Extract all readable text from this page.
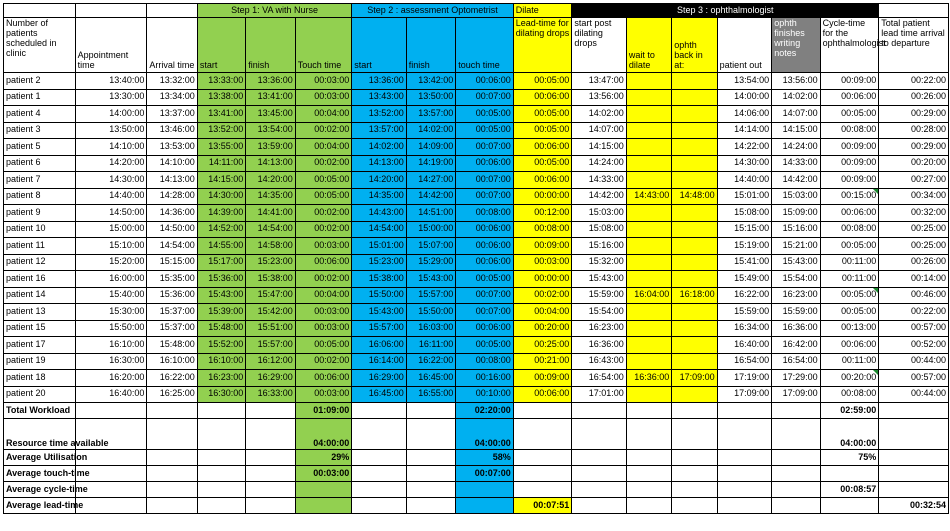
			Step 1: VA with Nurse			Step 2 : assessment Optometrist			Dilate	Step 3 : ophthalmologist						
Number of patients scheduled in clinic	Appointment time	Arrival time	start	finish	Touch time	start	finish	touch time	Lead-time for dilating drops	start post dilating drops	wait to dilate	ophth back in at:	patient out	ophth finishes writing notes	Cycle-time for the ophthalmologist	Total patient lead time arrival to departure
patient 2	13:40:00	13:32:00	13:33:00	13:36:00	00:03:00	13:36:00	13:42:00	00:06:00	00:05:00	13:47:00			13:54:00	13:56:00	00:09:00	00:22:00
patient 1	13:30:00	13:34:00	13:38:00	13:41:00	00:03:00	13:43:00	13:50:00	00:07:00	00:06:00	13:56:00			14:00:00	14:02:00	00:06:00	00:26:00
patient 4	14:00:00	13:37:00	13:41:00	13:45:00	00:04:00	13:52:00	13:57:00	00:05:00	00:05:00	14:02:00			14:06:00	14:07:00	00:05:00	00:29:00
patient 3	13:50:00	13:46:00	13:52:00	13:54:00	00:02:00	13:57:00	14:02:00	00:05:00	00:05:00	14:07:00			14:14:00	14:15:00	00:08:00	00:28:00
patient 5	14:10:00	13:53:00	13:55:00	13:59:00	00:04:00	14:02:00	14:09:00	00:07:00	00:06:00	14:15:00			14:22:00	14:24:00	00:09:00	00:29:00
patient 6	14:20:00	14:10:00	14:11:00	14:13:00	00:02:00	14:13:00	14:19:00	00:06:00	00:05:00	14:24:00			14:30:00	14:33:00	00:09:00	00:20:00
patient 7	14:30:00	14:13:00	14:15:00	14:20:00	00:05:00	14:20:00	14:27:00	00:07:00	00:06:00	14:33:00			14:40:00	14:42:00	00:09:00	00:27:00
patient 8	14:40:00	14:28:00	14:30:00	14:35:00	00:05:00	14:35:00	14:42:00	00:07:00	00:00:00	14:42:00	14:43:00	14:48:00	15:01:00	15:03:00	00:15:00	00:34:00
patient 9	14:50:00	14:36:00	14:39:00	14:41:00	00:02:00	14:43:00	14:51:00	00:08:00	00:12:00	15:03:00			15:08:00	15:09:00	00:06:00	00:32:00
patient 10	15:00:00	14:50:00	14:52:00	14:54:00	00:02:00	14:54:00	15:00:00	00:06:00	00:08:00	15:08:00			15:15:00	15:16:00	00:08:00	00:25:00
patient 11	15:10:00	14:54:00	14:55:00	14:58:00	00:03:00	15:01:00	15:07:00	00:06:00	00:09:00	15:16:00			15:19:00	15:21:00	00:05:00	00:25:00
patient 12	15:20:00	15:15:00	15:17:00	15:23:00	00:06:00	15:23:00	15:29:00	00:06:00	00:03:00	15:32:00			15:41:00	15:43:00	00:11:00	00:26:00
patient 16	16:00:00	15:35:00	15:36:00	15:38:00	00:02:00	15:38:00	15:43:00	00:05:00	00:00:00	15:43:00			15:49:00	15:54:00	00:11:00	00:14:00
patient 14	15:40:00	15:36:00	15:43:00	15:47:00	00:04:00	15:50:00	15:57:00	00:07:00	00:02:00	15:59:00	16:04:00	16:18:00	16:22:00	16:23:00	00:05:00	00:46:00
patient 13	15:30:00	15:37:00	15:39:00	15:42:00	00:03:00	15:43:00	15:50:00	00:07:00	00:04:00	15:54:00			15:59:00	15:59:00	00:05:00	00:22:00
patient 15	15:50:00	15:37:00	15:48:00	15:51:00	00:03:00	15:57:00	16:03:00	00:06:00	00:20:00	16:23:00			16:34:00	16:36:00	00:13:00	00:57:00
patient 17	16:10:00	15:48:00	15:52:00	15:57:00	00:05:00	16:06:00	16:11:00	00:05:00	00:25:00	16:36:00			16:40:00	16:42:00	00:06:00	00:52:00
patient 19	16:30:00	16:10:00	16:10:00	16:12:00	00:02:00	16:14:00	16:22:00	00:08:00	00:21:00	16:43:00			16:54:00	16:54:00	00:11:00	00:44:00
patient 18	16:20:00	16:22:00	16:23:00	16:29:00	00:06:00	16:29:00	16:45:00	00:16:00	00:09:00	16:54:00	16:36:00	17:09:00	17:19:00	17:29:00	00:20:00	00:57:00
patient 20	16:40:00	16:25:00	16:30:00	16:33:00	00:03:00	16:45:00	16:55:00	00:10:00	00:06:00	17:01:00			17:09:00	17:09:00	00:08:00	00:44:00
Total Workload					01:09:00			02:20:00							02:59:00	
Resource time available					04:00:00			04:00:00							04:00:00	
Average Utilisation					29%			58%							75%	
Average touch-time					00:03:00			00:07:00								
Average cycle-time															00:08:57	
Average lead-time									00:07:51							00:32:54
